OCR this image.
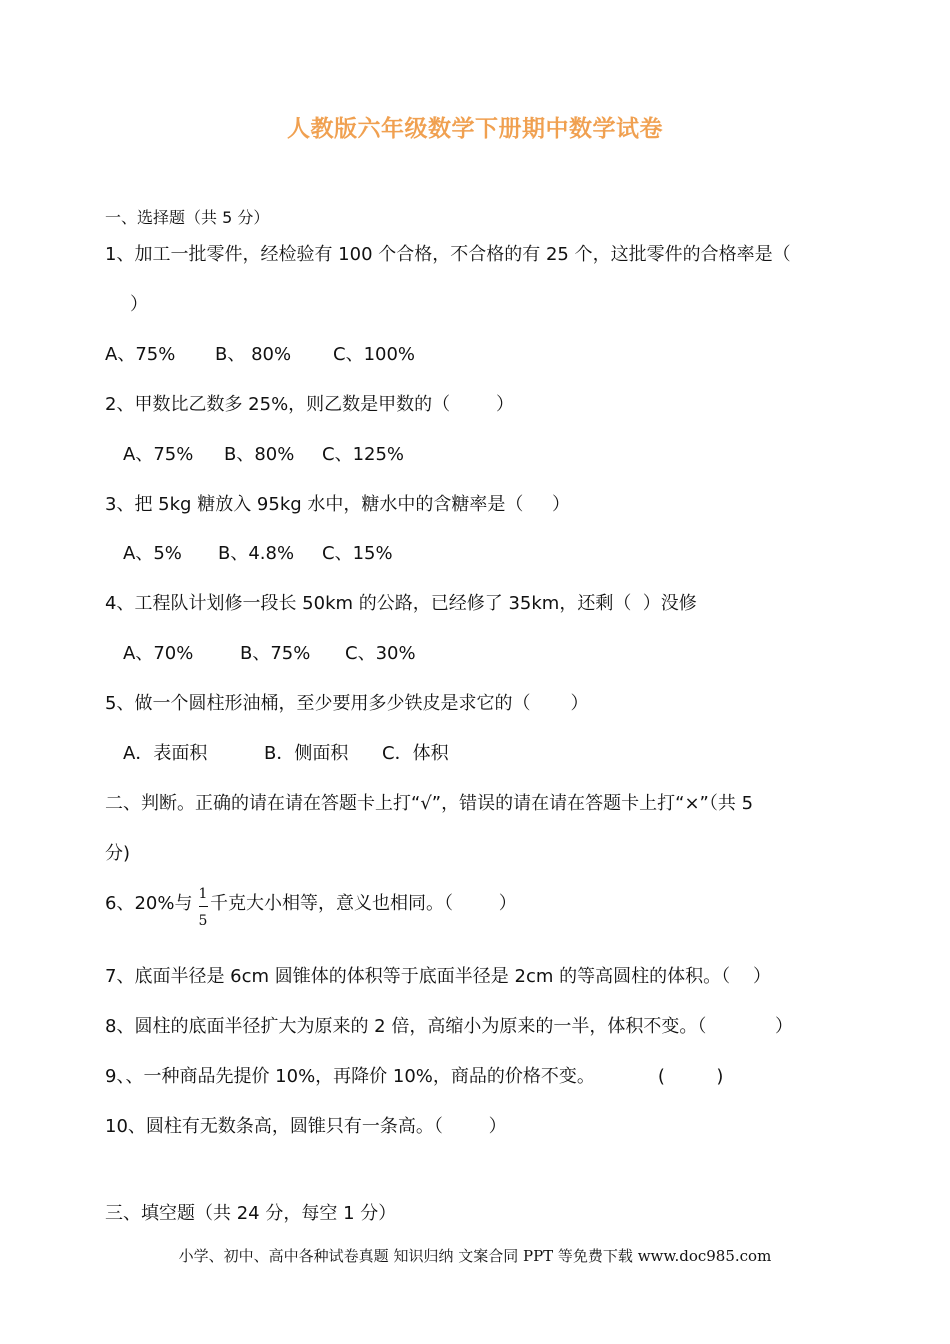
人教版六年级数学下册期中数学试卷
一、选择题（共 5 分）
1、加工一批零件，经检验有 100 个合格，不合格的有 25 个，这批零件的合格率是（
）
A、75% B、 80% C、100%
2、甲数比乙数多 25%，则乙数是甲数的（        ）
A、75% B、80% C、125%
3、把 5kg 糖放入 95kg 水中，糖水中的含糖率是（     ）
A、5% B、4.8% C、15%
4、工程队计划修一段长 50km 的公路，已经修了 35km，还剩（  ）没修
A、70%	B、75% C、30%
5、做一个圆柱形油桶，至少要用多少铁皮是求它的（       ）
A．表面积	B．侧面积 C．体积
二、判断。正确的请在请在答题卡上打“√”，错误的请在请在答题卡上打“×”（共 5
分)
6、20%与 1
5
千克大小相等，意义也相同。（        ）
7、底面半径是 6cm 圆锥体的体积等于底面半径是 2cm 的等高圆柱的体积。（    ）
8、圆柱的底面半径扩大为原来的 2 倍，高缩小为原来的一半，体积不变。（            ）
9、、一种商品先提价 10%，再降价 10%，商品的价格不变。           (         )
10、圆柱有无数条高，圆锥只有一条高。（        ）
三、填空题（共 24 分，每空 1 分）
小学、初中、高中各种试卷真题 知识归纳 文案合同 PPT 等免费下载 www.doc985.com
